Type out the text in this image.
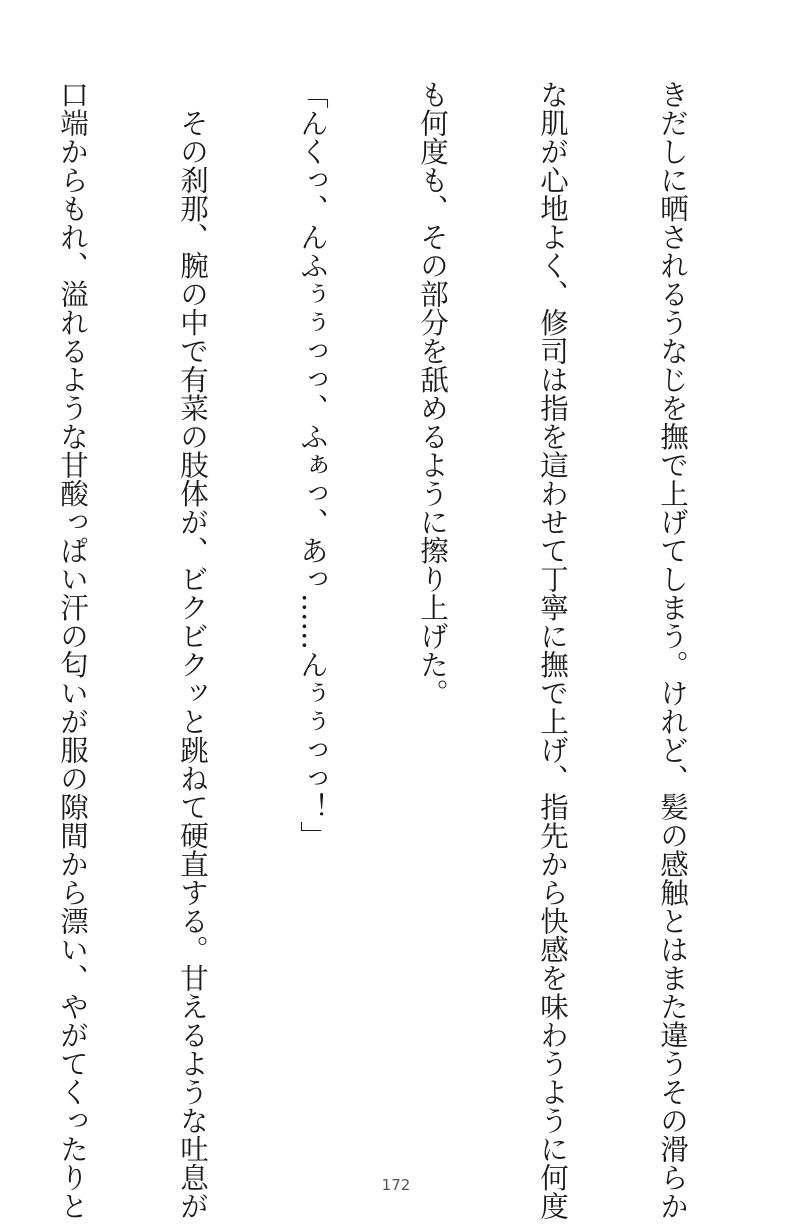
きだしに晒されるうなじを撫で上げてしまう。けれど、髪の感触とはまた違うその滑らか

な肌が心地よく、修司は指を這わせて丁寧に撫で上げ、指先から快感を味わうように何度

も何度も、その部分を舐めるように擦り上げた。

「んくっ、んふぅぅっっ、ふぁっ、あっ……んぅぅっっ！」

　その刹那、腕の中で有菜の肢体が、ビクビクッと跳ねて硬直する。甘えるような吐息が

口端からもれ、溢れるような甘酸っぱい汗の匂いが服の隙間から漂い、やがてくったりと

	172
